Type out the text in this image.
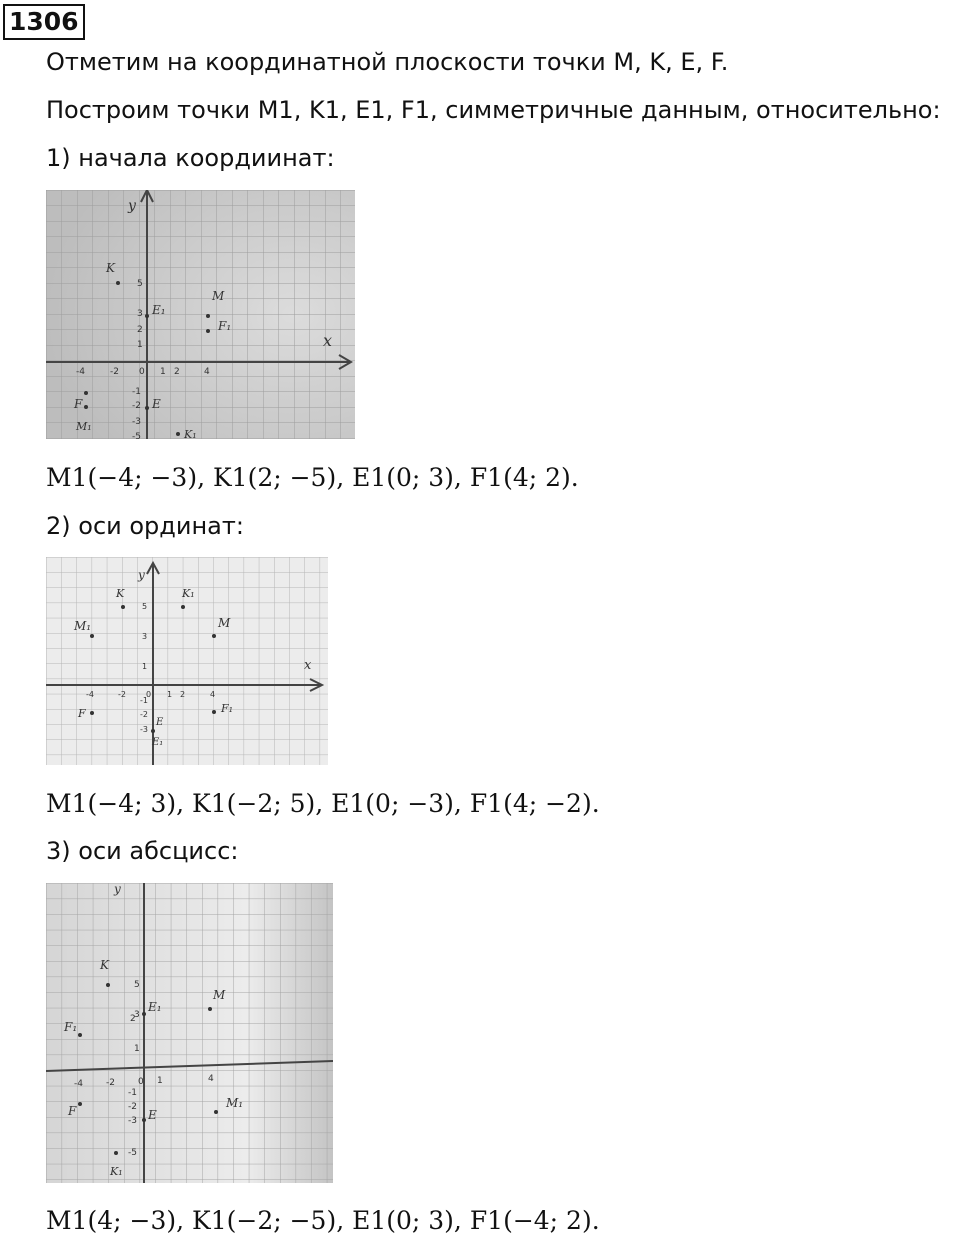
1306
Отметим на координатной плоскости точки M, K, E, F.
Построим точки M1, K1, E1, F1, симметричные данным, относительно:
1) начала коордиинат:
x
y
-4	-2 0 1 2	4
5
3
2
1
-1
-2
-3
-5
K
E₁
M
F₁
E
F
M₁
K₁
M1(−4; −3), K1(2; −5), E1(0; 3), F1(4; 2).
2) оси ординат:
x
y
-4	-2	0 1 2	4
5
3
1
-1
-2
-3
K	K₁
M₁	M
F	F₁
E
E₁
M1(−4; 3), K1(−2; 5), E1(0; −3), F1(4; −2).
3) оси абсцисс:
y
-4	-2	0 1	4
5
3
2
1
-1
-2
-3
-5
K
E₁
M
F₁
F	E
M₁
K₁
M1(4; −3), K1(−2; −5), E1(0; 3), F1(−4; 2).
